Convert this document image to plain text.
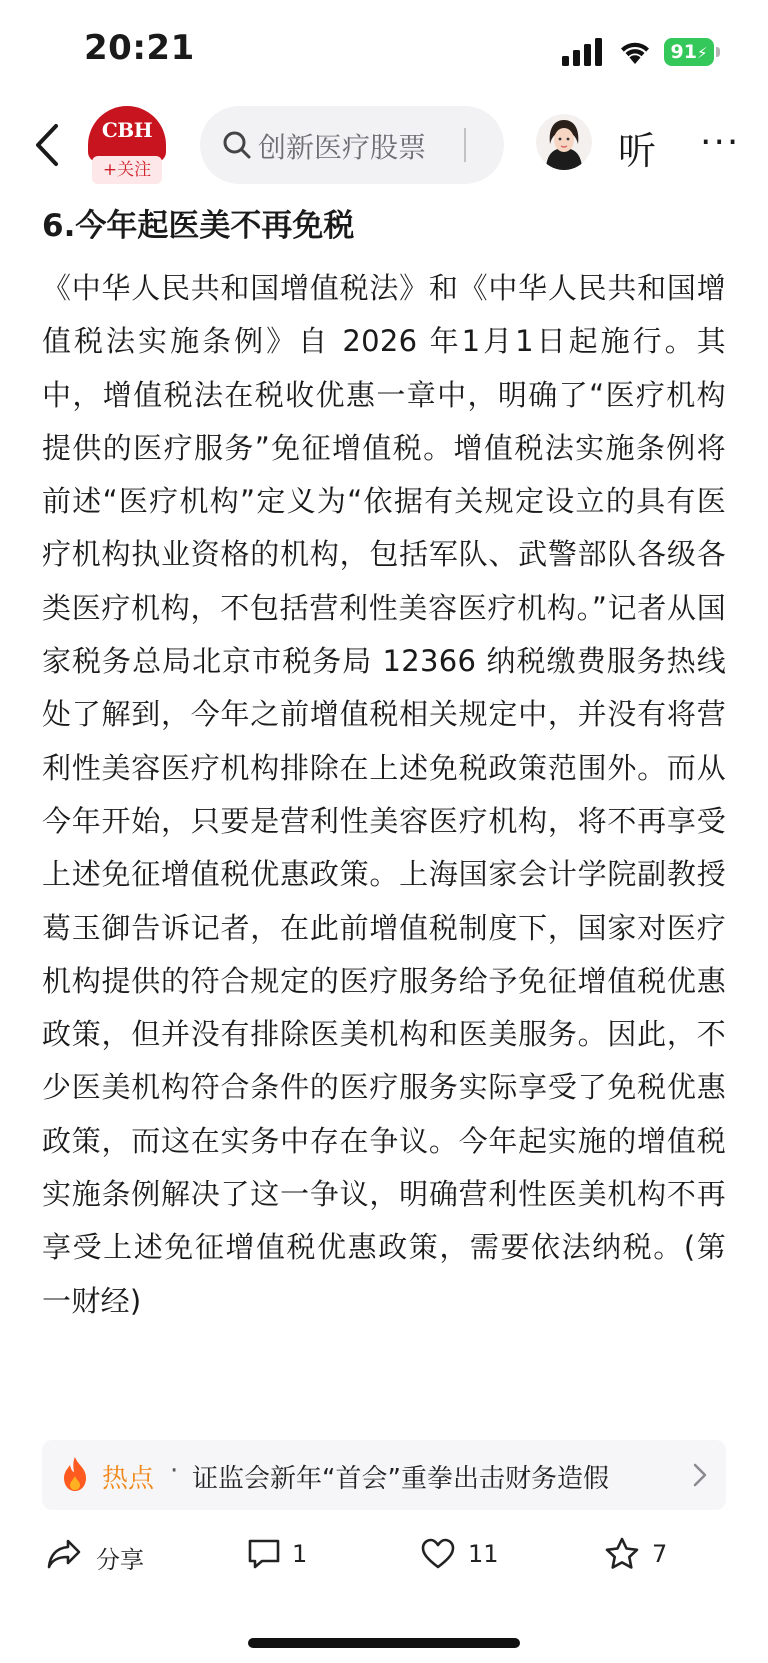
20:21	91⚡
CBH
+关注
创新医疗股票	听 ···
6.今年起医美不再免税

《中华人民共和国增值税法》和《中华人民共和国增值税法实施条例》自 2026 年1月1日起施行。其中，增值税法在税收优惠一章中，明确了“医疗机构提供的医疗服务”免征增值税。增值税法实施条例将前述“医疗机构”定义为“依据有关规定设立的具有医疗机构执业资格的机构，包括军队、武警部队各级各类医疗机构，不包括营利性美容医疗机构。”记者从国家税务总局北京市税务局 12366 纳税缴费服务热线处了解到，今年之前增值税相关规定中，并没有将营利性美容医疗机构排除在上述免税政策范围外。而从今年开始，只要是营利性美容医疗机构，将不再享受上述免征增值税优惠政策。上海国家会计学院副教授葛玉御告诉记者，在此前增值税制度下，国家对医疗机构提供的符合规定的医疗服务给予免征增值税优惠政策，但并没有排除医美机构和医美服务。因此，不少医美机构符合条件的医疗服务实际享受了免税优惠政策，而这在实务中存在争议。今年起实施的增值税实施条例解决了这一争议，明确营利性医美机构不再享受上述免征增值税优惠政策，需要依法纳税。(第一财经)

热点 · 证监会新年“首会”重拳出击财务造假
分享	1	11	7
